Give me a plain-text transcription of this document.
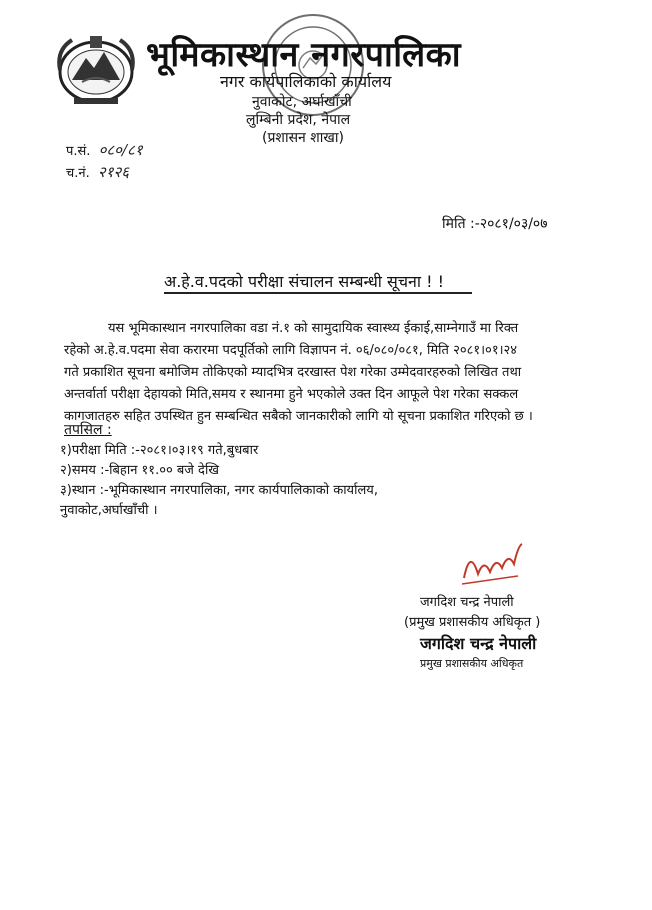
भूमिकास्थान नगरपालिका
नगर कार्यपालिकाको कार्यालय
नुवाकोट, अर्घाखाँची
लुम्बिनी प्रदेश, नेपाल
(प्रशासन शाखा)
प.सं. ०८०/८१
च.नं. २१२६
मिति :-२०८१/०३/०७
अ.हे.व.पदको परीक्षा संचालन सम्बन्धी सूचना ! !
यस भूमिकास्थान नगरपालिका वडा नं.१ को सामुदायिक स्वास्थ्य ईकाई,साम्नेगाउँ मा रिक्त
रहेको अ.हे.व.पदमा सेवा करारमा पदपूर्तिको लागि विज्ञापन नं. ०६/०८०/०८१, मिति २०८१।०१।२४
गते प्रकाशित सूचना बमोजिम तोकिएको म्यादभित्र दरखास्त पेश गरेका उम्मेदवारहरुको लिखित तथा
अन्तर्वार्ता परीक्षा देहायको मिति,समय र स्थानमा हुने भएकोले उक्त दिन आफूले पेश गरेका सक्कल
कागजातहरु सहित उपस्थित हुन सम्बन्धित सबैको जानकारीको लागि यो सूचना प्रकाशित गरिएको छ ।
तपसिल :
१)परीक्षा मिति :-२०८१।०३।१९ गते,बुधबार
२)समय :-बिहान ११.०० बजे देखि
३)स्थान :-भूमिकास्थान नगरपालिका, नगर कार्यपालिकाको कार्यालय,
नुवाकोट,अर्घाखाँची ।
जगदिश चन्द्र नेपाली
(प्रमुख प्रशासकीय अधिकृत )
जगदिश चन्द्र नेपाली
प्रमुख प्रशासकीय अधिकृत
